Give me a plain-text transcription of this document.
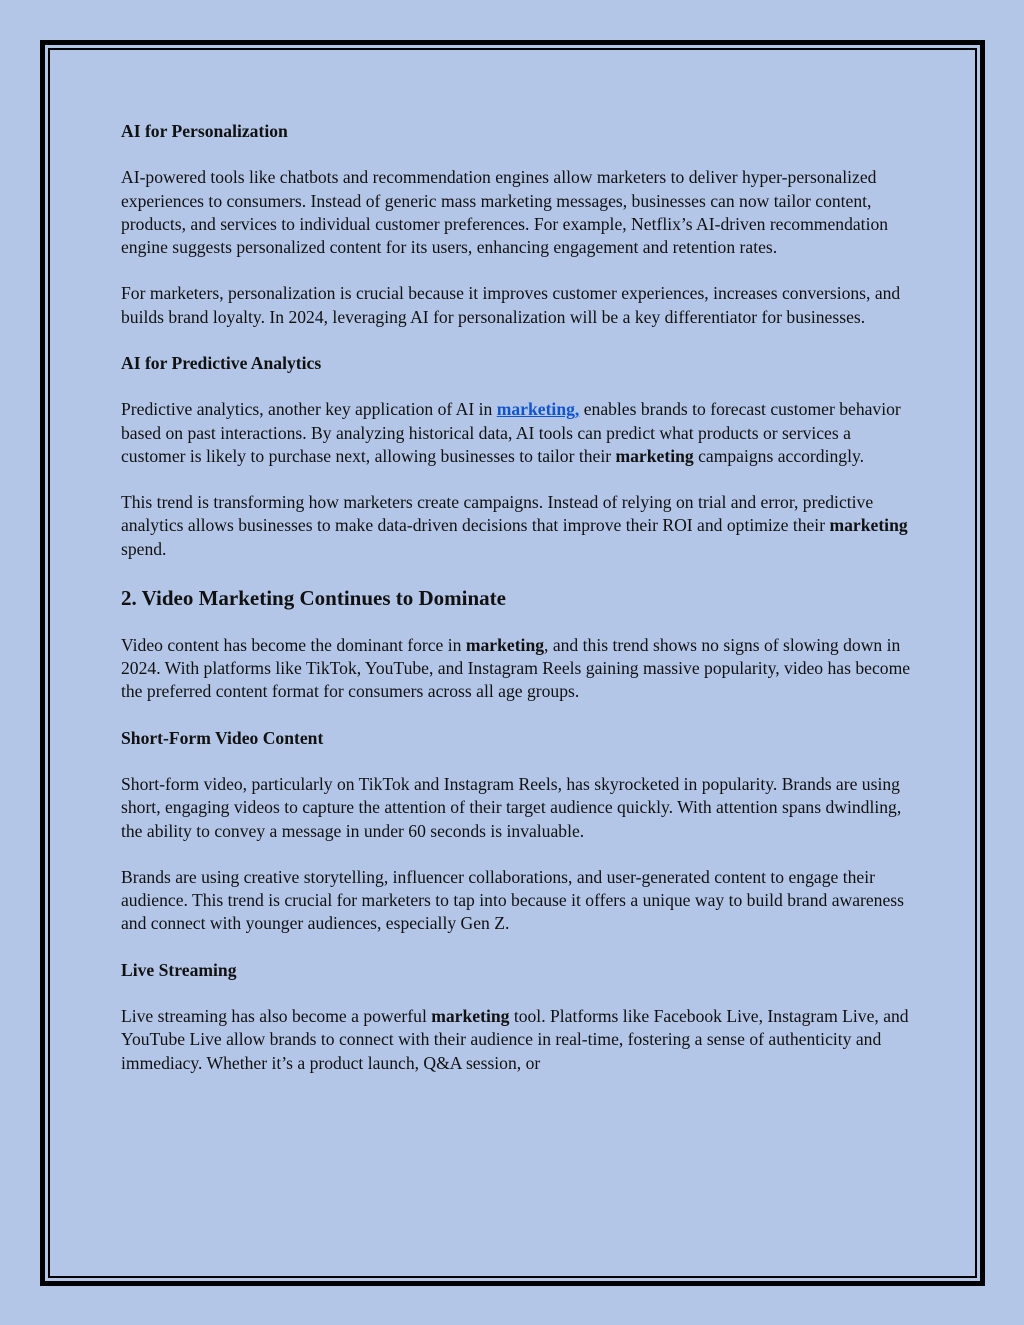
AI for Personalization

AI-powered tools like chatbots and recommendation engines allow marketers to deliver hyper-personalized experiences to consumers. Instead of generic mass marketing messages, businesses can now tailor content, products, and services to individual customer preferences. For example, Netflix’s AI-driven recommendation engine suggests personalized content for its users, enhancing engagement and retention rates.

For marketers, personalization is crucial because it improves customer experiences, increases conversions, and builds brand loyalty. In 2024, leveraging AI for personalization will be a key differentiator for businesses.

AI for Predictive Analytics

Predictive analytics, another key application of AI in marketing, enables brands to forecast customer behavior based on past interactions. By analyzing historical data, AI tools can predict what products or services a customer is likely to purchase next, allowing businesses to tailor their marketing campaigns accordingly.

This trend is transforming how marketers create campaigns. Instead of relying on trial and error, predictive analytics allows businesses to make data-driven decisions that improve their ROI and optimize their marketing spend.

2. Video Marketing Continues to Dominate

Video content has become the dominant force in marketing, and this trend shows no signs of slowing down in 2024. With platforms like TikTok, YouTube, and Instagram Reels gaining massive popularity, video has become the preferred content format for consumers across all age groups.

Short-Form Video Content

Short-form video, particularly on TikTok and Instagram Reels, has skyrocketed in popularity. Brands are using short, engaging videos to capture the attention of their target audience quickly. With attention spans dwindling, the ability to convey a message in under 60 seconds is invaluable.

Brands are using creative storytelling, influencer collaborations, and user-generated content to engage their audience. This trend is crucial for marketers to tap into because it offers a unique way to build brand awareness and connect with younger audiences, especially Gen Z.

Live Streaming

Live streaming has also become a powerful marketing tool. Platforms like Facebook Live, Instagram Live, and YouTube Live allow brands to connect with their audience in real-time, fostering a sense of authenticity and immediacy. Whether it’s a product launch, Q&A session, or
